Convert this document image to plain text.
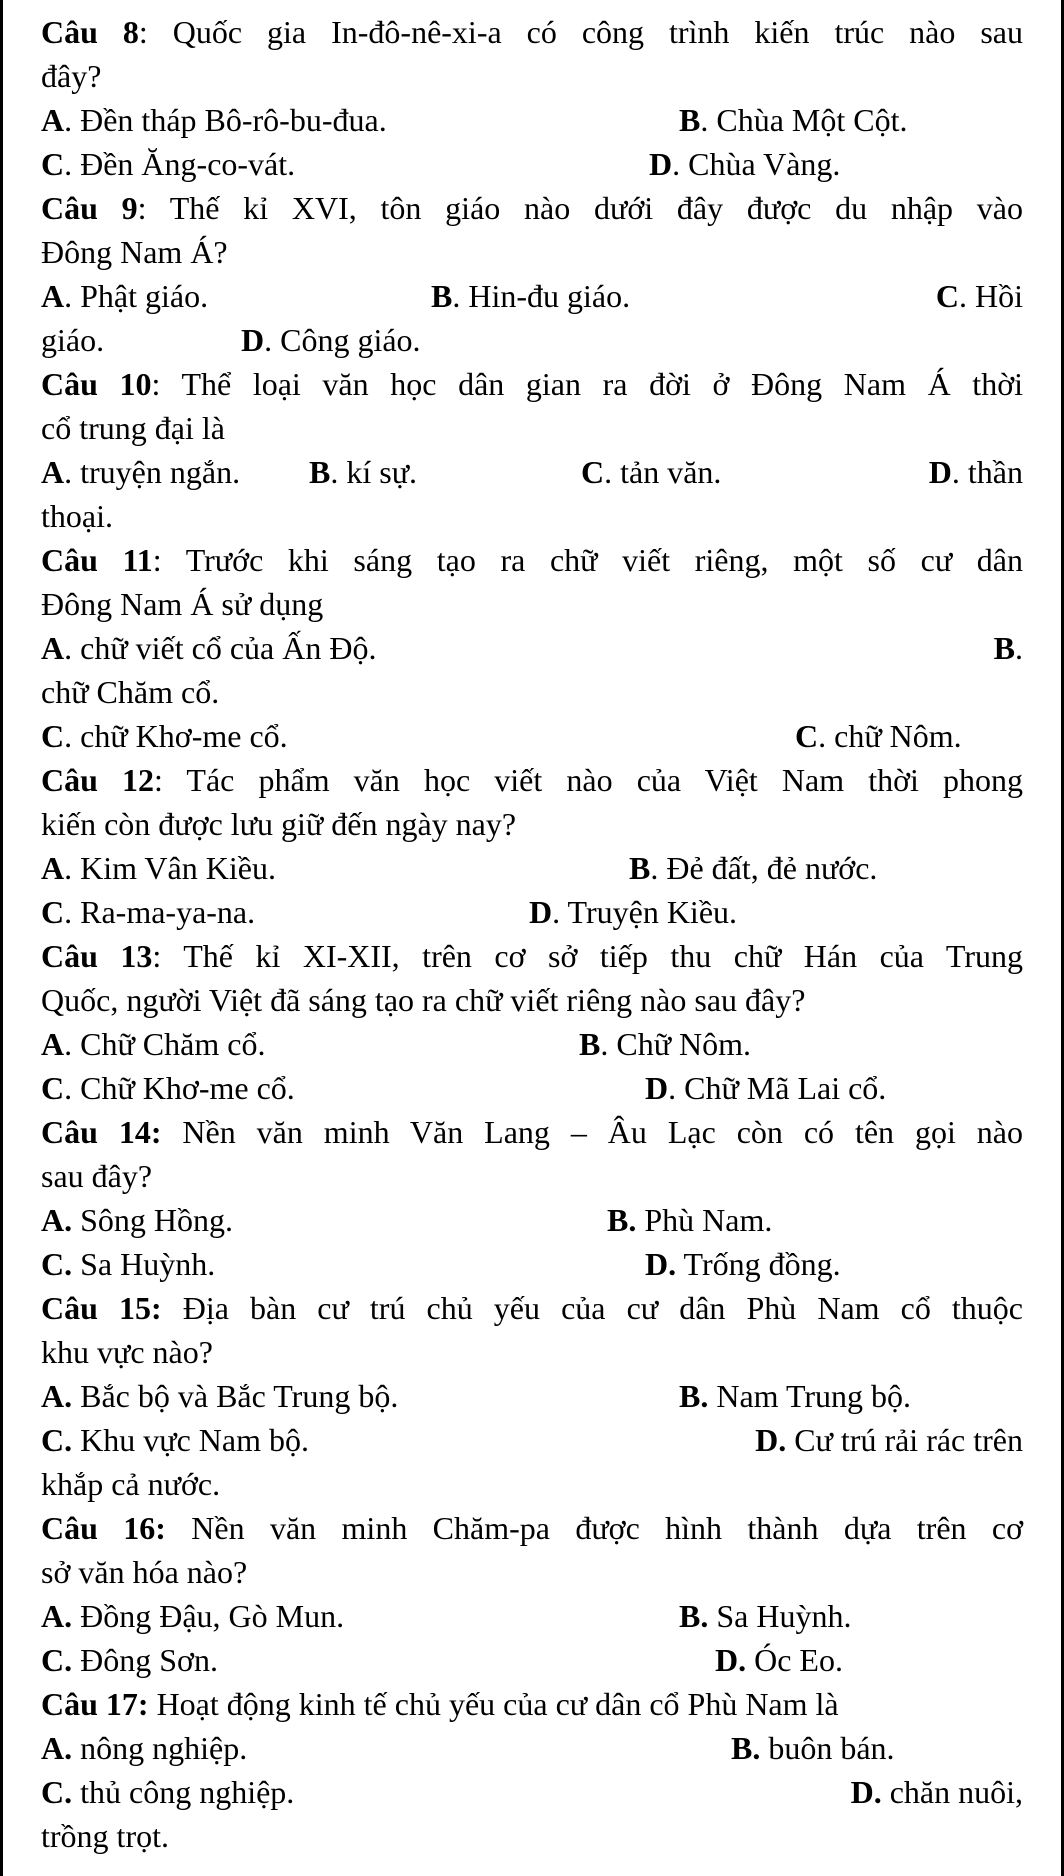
Câu 8: Quốc gia In-đô-nê-xi-a có công trình kiến trúc nào sau
đây?
A. Đền tháp Bô-rô-bu-đua.	B. Chùa Một Cột.
C. Đền Ăng-co-vát.	D. Chùa Vàng.
Câu 9: Thế kỉ XVI, tôn giáo nào dưới đây được du nhập vào
Đông Nam Á?
A. Phật giáo.	B. Hin-đu giáo.	C. Hồi
giáo.	D. Công giáo.
Câu 10: Thể loại văn học dân gian ra đời ở Đông Nam Á thời
cổ trung đại là
A. truyện ngắn. B. kí sự.	C. tản văn.	D. thần
thoại.
Câu 11: Trước khi sáng tạo ra chữ viết riêng, một số cư dân
Đông Nam Á sử dụng
A. chữ viết cổ của Ấn Độ.	B.
chữ Chăm cổ.
C. chữ Khơ-me cổ.	C. chữ Nôm.
Câu 12: Tác phẩm văn học viết nào của Việt Nam thời phong
kiến còn được lưu giữ đến ngày nay?
A. Kim Vân Kiều.	B. Đẻ đất, đẻ nước.
C. Ra-ma-ya-na.	D. Truyện Kiều.
Câu 13: Thế kỉ XI-XII, trên cơ sở tiếp thu chữ Hán của Trung
Quốc, người Việt đã sáng tạo ra chữ viết riêng nào sau đây?
A. Chữ Chăm cổ.	B. Chữ Nôm.
C. Chữ Khơ-me cổ.	D. Chữ Mã Lai cổ.
Câu 14: Nền văn minh Văn Lang – Âu Lạc còn có tên gọi nào
sau đây?
A. Sông Hồng.	B. Phù Nam.
C. Sa Huỳnh.	D. Trống đồng.
Câu 15: Địa bàn cư trú chủ yếu của cư dân Phù Nam cổ thuộc
khu vực nào?
A. Bắc bộ và Bắc Trung bộ.	B. Nam Trung bộ.
C. Khu vực Nam bộ.	D. Cư trú rải rác trên
khắp cả nước.
Câu 16: Nền văn minh Chăm-pa được hình thành dựa trên cơ
sở văn hóa nào?
A. Đồng Đậu, Gò Mun.	B. Sa Huỳnh.
C. Đông Sơn.	D. Óc Eo.
Câu 17: Hoạt động kinh tế chủ yếu của cư dân cổ Phù Nam là
A. nông nghiệp.	B. buôn bán.
C. thủ công nghiệp.	D. chăn nuôi,
trồng trọt.
